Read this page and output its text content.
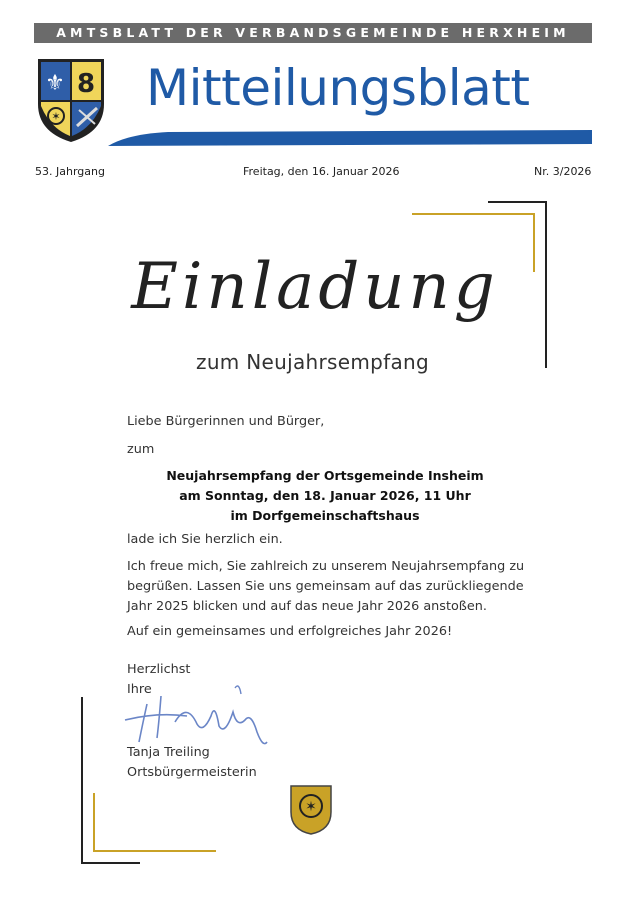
AMTSBLATT DER VERBANDSGEMEINDE HERXHEIM
⚜ 8
✶ Mitteilungsblatt
53. Jahrgang	Freitag, den 16. Januar 2026	Nr. 3/2026
Einladung
zum Neujahrsempfang
Liebe Bürgerinnen und Bürger,
zum
Neujahrsempfang der Ortsgemeinde Insheim
am Sonntag, den 18. Januar 2026, 11 Uhr
im Dorfgemeinschaftshaus
lade ich Sie herzlich ein.
Ich freue mich, Sie zahlreich zu unserem Neujahrsempfang zu
begrüßen. Lassen Sie uns gemeinsam auf das zurückliegende
Jahr 2025 blicken und auf das neue Jahr 2026 anstoßen.
Auf ein gemeinsames und erfolgreiches Jahr 2026!
Herzlichst
Ihre
Tanja Treiling
Ortsbürgermeisterin
✶
